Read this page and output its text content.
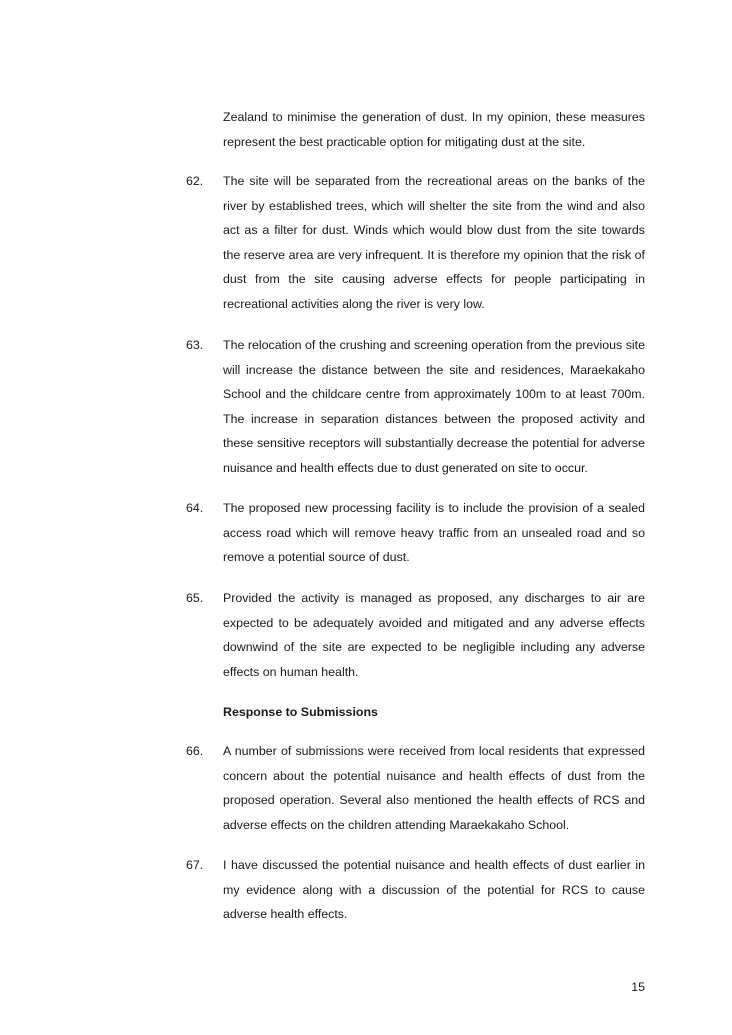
Zealand to minimise the generation of dust. In my opinion, these measures represent the best practicable option for mitigating dust at the site.

62. The site will be separated from the recreational areas on the banks of the river by established trees, which will shelter the site from the wind and also act as a filter for dust. Winds which would blow dust from the site towards the reserve area are very infrequent. It is therefore my opinion that the risk of dust from the site causing adverse effects for people participating in recreational activities along the river is very low.

63. The relocation of the crushing and screening operation from the previous site will increase the distance between the site and residences, Maraekakaho School and the childcare centre from approximately 100m to at least 700m. The increase in separation distances between the proposed activity and these sensitive receptors will substantially decrease the potential for adverse nuisance and health effects due to dust generated on site to occur.

64. The proposed new processing facility is to include the provision of a sealed access road which will remove heavy traffic from an unsealed road and so remove a potential source of dust.

65. Provided the activity is managed as proposed, any discharges to air are expected to be adequately avoided and mitigated and any adverse effects downwind of the site are expected to be negligible including any adverse effects on human health.

Response to Submissions

66. A number of submissions were received from local residents that expressed concern about the potential nuisance and health effects of dust from the proposed operation. Several also mentioned the health effects of RCS and adverse effects on the children attending Maraekakaho School.

67. I have discussed the potential nuisance and health effects of dust earlier in my evidence along with a discussion of the potential for RCS to cause adverse health effects.

15
